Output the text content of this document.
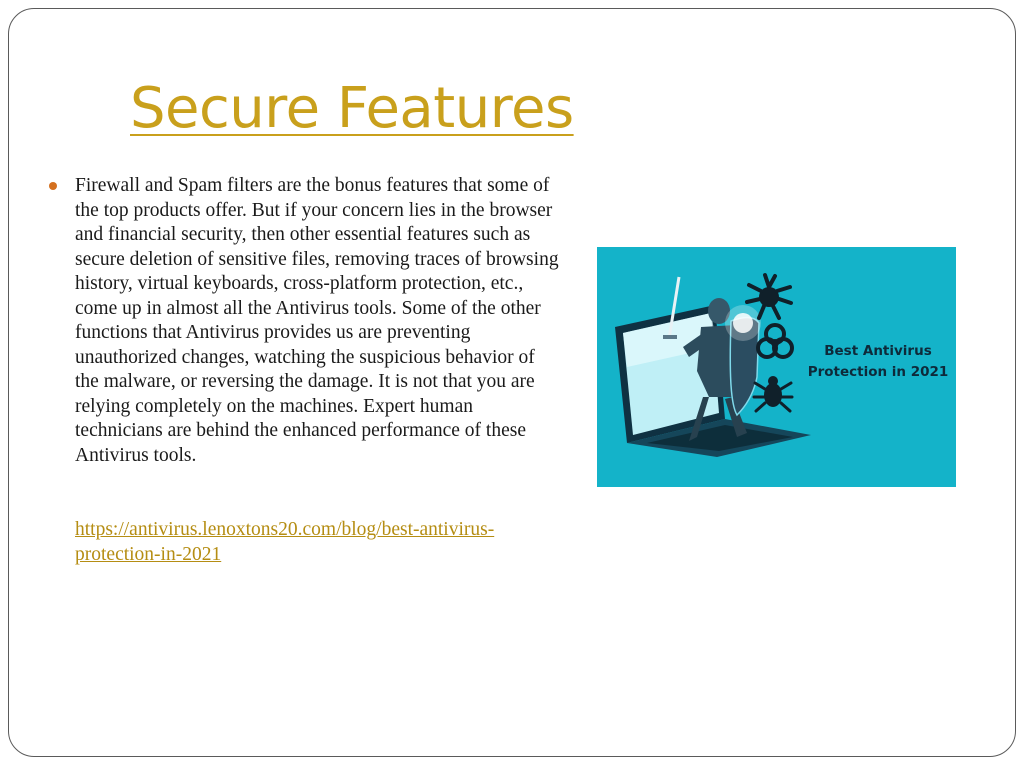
Secure Features

Firewall and Spam filters are the bonus features that some of the top products offer. But if your concern lies in the browser and financial security, then other essential features such as secure deletion of sensitive files, removing traces of browsing history, virtual keyboards, cross-platform protection, etc., come up in almost all the Antivirus tools. Some of the other functions that Antivirus provides us are preventing unauthorized changes, watching the suspicious behavior of the malware, or reversing the damage. It is not that you are relying completely on the machines. Expert human technicians are behind the enhanced performance of these Antivirus tools.

https://antivirus.lenoxtons20.com/blog/best-antivirus-protection-in-2021
Best Antivirus
Protection in 2021
